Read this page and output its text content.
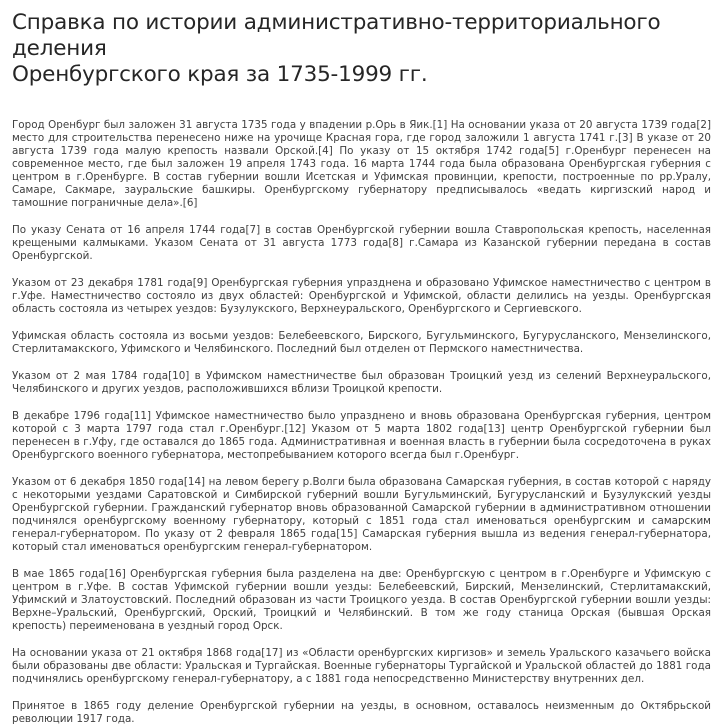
Справка по истории административно-территориального деления
Оренбургского края за 1735-1999 гг.

Город Оренбург был заложен 31 августа 1735 года у впадении р.Орь в Яик.[1] На основании указа от 20 августа 1739 года[2] место для строительства перенесено ниже на урочище Красная гора, где город заложили 1 августа 1741 г.[3] В указе от 20 августа 1739 года малую крепость назвали Орской.[4] По указу от 15 октября 1742 года[5] г.Оренбург перенесен на современное место, где был заложен 19 апреля 1743 года. 16 марта 1744 года была образована Оренбургская губерния с центром в г.Оренбурге. В состав губернии вошли Исетская и Уфимская провинции, крепости, построенные по рр.Уралу, Самаре, Сакмаре, зауральские башкиры. Оренбургскому губернатору предписывалось «ведать киргизский народ и тамошние пограничные дела».[6]

По указу Сената от 16 апреля 1744 года[7] в состав Оренбургской губернии вошла Ставропольская крепость, населенная крещеными калмыками. Указом Сената от 31 августа 1773 года[8] г.Самара из Казанской губернии передана в состав Оренбургской.

Указом от 23 декабря 1781 года[9] Оренбургская губерния упразднена и образовано Уфимское наместничество с центром в г.Уфе. Наместничество состояло из двух областей: Оренбургской и Уфимской, области делились на уезды. Оренбургская область состояла из четырех уездов: Бузулукского, Верхнеуральского, Оренбургского и Сергиевского.

Уфимская область состояла из восьми уездов: Белебеевского, Бирского, Бугульминского, Бугурусланского, Мензелинского, Стерлитамакского, Уфимского и Челябинского. Последний был отделен от Пермского наместничества.

Указом от 2 мая 1784 года[10] в Уфимском наместничестве был образован Троицкий уезд из селений Верхнеуральского, Челябинского и других уездов, расположившихся вблизи Троицкой крепости.

В декабре 1796 года[11] Уфимское наместничество было упразднено и вновь образована Оренбургская губерния, центром которой с 3 марта 1797 года стал г.Оренбург.[12] Указом от 5 марта 1802 года[13] центр Оренбургской губернии был перенесен в г.Уфу, где оставался до 1865 года. Административная и военная власть в губернии была сосредоточена в руках Оренбургского военного губернатора, местопребыванием которого всегда был г.Оренбург.

Указом от 6 декабря 1850 года[14] на левом берегу р.Волги была образована Самарская губерния, в состав которой с наряду с некоторыми уездами Саратовской и Симбирской губерний вошли Бугульминский, Бугурусланский и Бузулукский уезды Оренбургской губернии. Гражданский губернатор вновь образованной Самарской губернии в административном отношении подчинялся оренбургскому военному губернатору, который с 1851 года стал именоваться оренбургским и самарским генерал-губернатором. По указу от 2 февраля 1865 года[15] Самарская губерния вышла из ведения генерал-губернатора, который стал именоваться оренбургским генерал-губернатором.

В мае 1865 года[16] Оренбургская губерния была разделена на две: Оренбургскую с центром в г.Оренбурге и Уфимскую с центром в г.Уфе. В состав Уфимской губернии вошли уезды: Белебеевский, Бирский, Мензелинский, Стерлитамакский, Уфимский и Златоустовский. Последний образован из части Троицкого уезда. В состав Оренбургской губернии вошли уезды: Верхне–Уральский, Оренбургский, Орский, Троицкий и Челябинский. В том же году станица Орская (бывшая Орская крепость) переименована в уездный город Орск.

На основании указа от 21 октября 1868 года[17] из «Области оренбургских киргизов» и земель Уральского казачьего войска были образованы две области: Уральская и Тургайская. Военные губернаторы Тургайской и Уральской областей до 1881 года подчинялись оренбургскому генерал-губернатору, а с 1881 года непосредственно Министерству внутренних дел.

Принятое в 1865 году деление Оренбургской губернии на уезды, в основном, оставалось неизменным до Октябрьской революции 1917 года.
